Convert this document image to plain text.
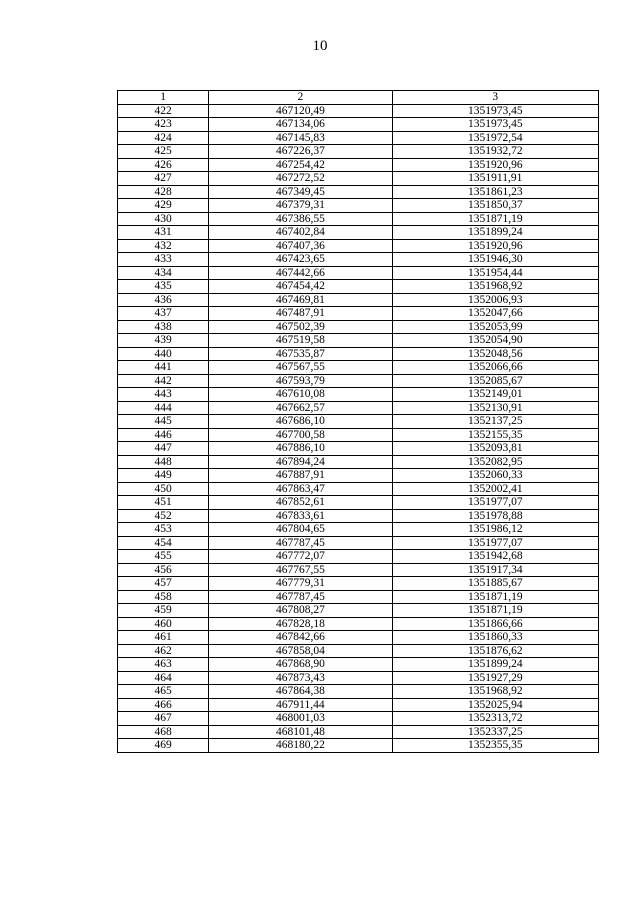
10
1	2	3
422	467120,49	1351973,45
423	467134,06	1351973,45
424	467145,83	1351972,54
425	467226,37	1351932,72
426	467254,42	1351920,96
427	467272,52	1351911,91
428	467349,45	1351861,23
429	467379,31	1351850,37
430	467386,55	1351871,19
431	467402,84	1351899,24
432	467407,36	1351920,96
433	467423,65	1351946,30
434	467442,66	1351954,44
435	467454,42	1351968,92
436	467469,81	1352006,93
437	467487,91	1352047,66
438	467502,39	1352053,99
439	467519,58	1352054,90
440	467535,87	1352048,56
441	467567,55	1352066,66
442	467593,79	1352085,67
443	467610,08	1352149,01
444	467662,57	1352130,91
445	467686,10	1352137,25
446	467700,58	1352155,35
447	467886,10	1352093,81
448	467894,24	1352082,95
449	467887,91	1352060,33
450	467863,47	1352002,41
451	467852,61	1351977,07
452	467833,61	1351978,88
453	467804,65	1351986,12
454	467787,45	1351977,07
455	467772,07	1351942,68
456	467767,55	1351917,34
457	467779,31	1351885,67
458	467787,45	1351871,19
459	467808,27	1351871,19
460	467828,18	1351866,66
461	467842,66	1351860,33
462	467858,04	1351876,62
463	467868,90	1351899,24
464	467873,43	1351927,29
465	467864,38	1351968,92
466	467911,44	1352025,94
467	468001,03	1352313,72
468	468101,48	1352337,25
469	468180,22	1352355,35
